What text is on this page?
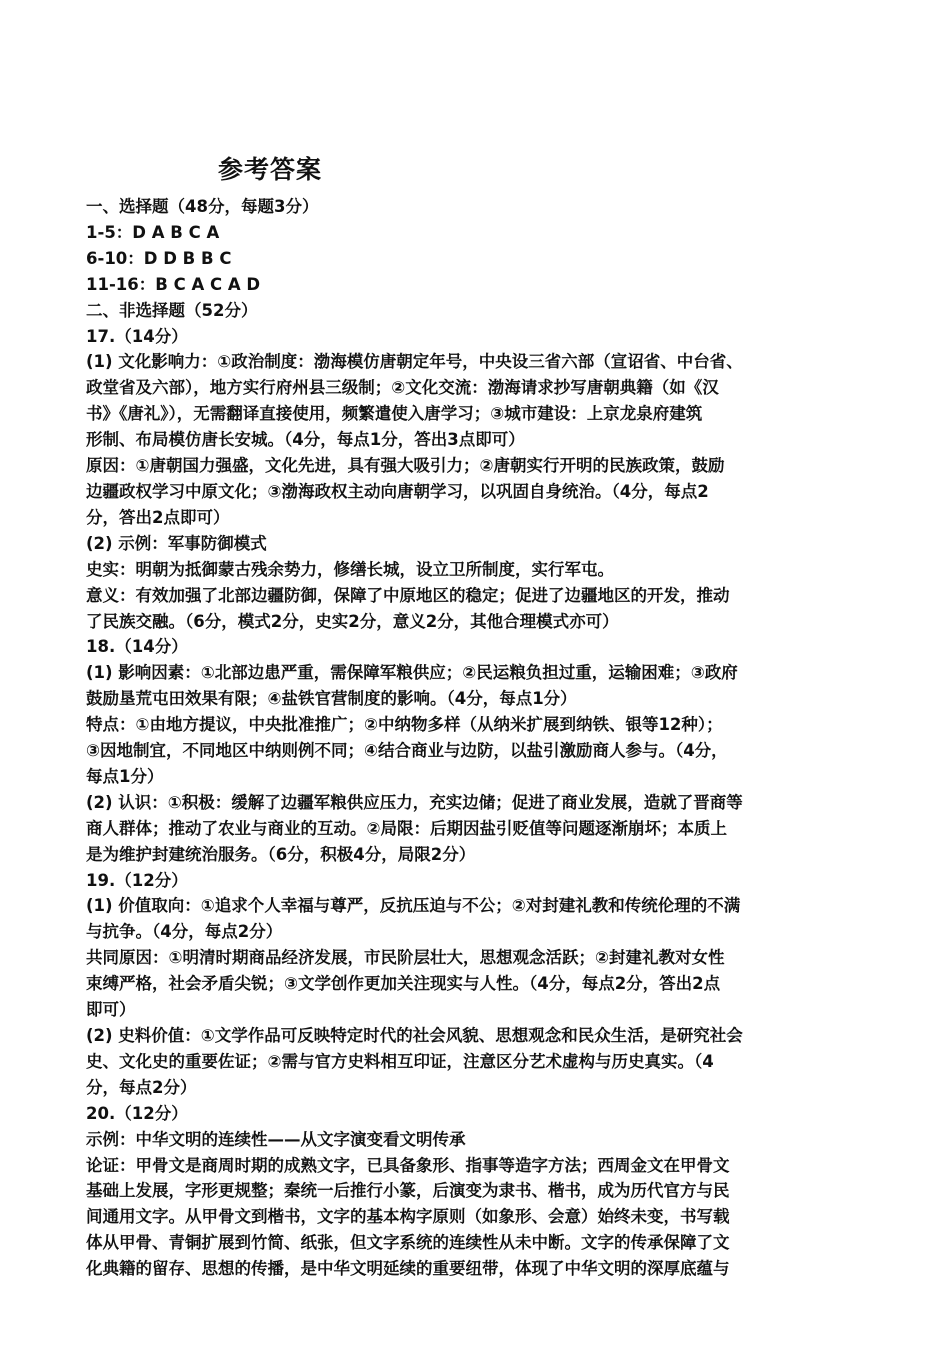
参考答案
一、选择题（48分，每题3分）
1-5：D A B C A
6-10：D D B B C
11-16：B C A C A D
二、非选择题（52分）
17.（14分）
(1) 文化影响力：①政治制度：渤海模仿唐朝定年号，中央设三省六部（宣诏省、中台省、
政堂省及六部），地方实行府州县三级制；②文化交流：渤海请求抄写唐朝典籍（如《汉
书》《唐礼》），无需翻译直接使用，频繁遣使入唐学习；③城市建设：上京龙泉府建筑
形制、布局模仿唐长安城。（4分，每点1分，答出3点即可）
原因：①唐朝国力强盛，文化先进，具有强大吸引力；②唐朝实行开明的民族政策，鼓励
边疆政权学习中原文化；③渤海政权主动向唐朝学习，以巩固自身统治。（4分，每点2
分，答出2点即可）
(2) 示例：军事防御模式
史实：明朝为抵御蒙古残余势力，修缮长城，设立卫所制度，实行军屯。
意义：有效加强了北部边疆防御，保障了中原地区的稳定；促进了边疆地区的开发，推动
了民族交融。（6分，模式2分，史实2分，意义2分，其他合理模式亦可）
18.（14分）
(1) 影响因素：①北部边患严重，需保障军粮供应；②民运粮负担过重，运输困难；③政府
鼓励垦荒屯田效果有限；④盐铁官营制度的影响。（4分，每点1分）
特点：①由地方提议，中央批准推广；②中纳物多样（从纳米扩展到纳铁、银等12种）；
③因地制宜，不同地区中纳则例不同；④结合商业与边防，以盐引激励商人参与。（4分，
每点1分）
(2) 认识：①积极：缓解了边疆军粮供应压力，充实边储；促进了商业发展，造就了晋商等
商人群体；推动了农业与商业的互动。②局限：后期因盐引贬值等问题逐渐崩坏；本质上
是为维护封建统治服务。（6分，积极4分，局限2分）
19.（12分）
(1) 价值取向：①追求个人幸福与尊严，反抗压迫与不公；②对封建礼教和传统伦理的不满
与抗争。（4分，每点2分）
共同原因：①明清时期商品经济发展，市民阶层壮大，思想观念活跃；②封建礼教对女性
束缚严格，社会矛盾尖锐；③文学创作更加关注现实与人性。（4分，每点2分，答出2点
即可）
(2) 史料价值：①文学作品可反映特定时代的社会风貌、思想观念和民众生活，是研究社会
史、文化史的重要佐证；②需与官方史料相互印证，注意区分艺术虚构与历史真实。（4
分，每点2分）
20.（12分）
示例：中华文明的连续性——从文字演变看文明传承
论证：甲骨文是商周时期的成熟文字，已具备象形、指事等造字方法；西周金文在甲骨文
基础上发展，字形更规整；秦统一后推行小篆，后演变为隶书、楷书，成为历代官方与民
间通用文字。从甲骨文到楷书，文字的基本构字原则（如象形、会意）始终未变，书写载
体从甲骨、青铜扩展到竹简、纸张，但文字系统的连续性从未中断。文字的传承保障了文
化典籍的留存、思想的传播，是中华文明延续的重要纽带，体现了中华文明的深厚底蕴与
